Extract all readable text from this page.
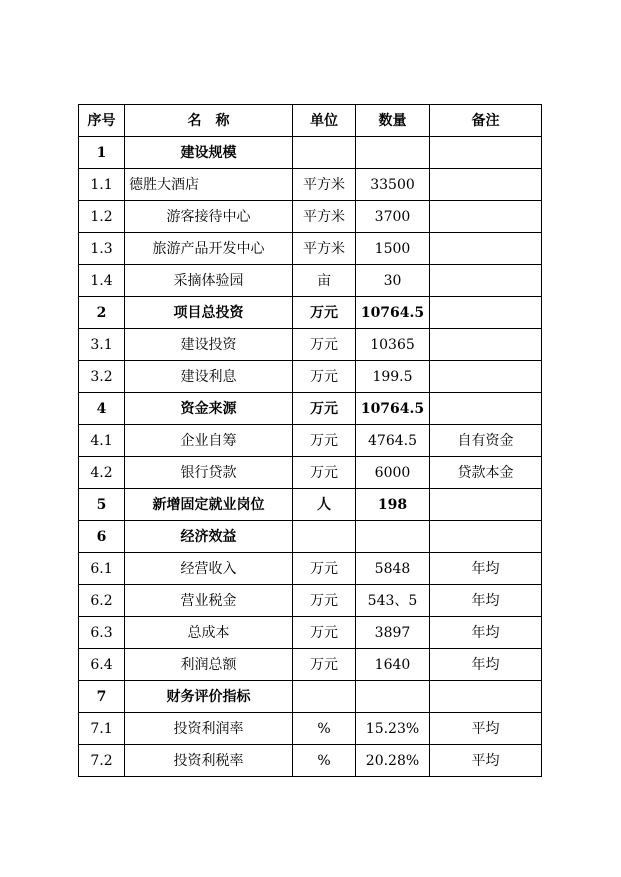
序号	名　称	单位	数量	备注
1	建设规模			
1.1	德胜大酒店	平方米	33500	
1.2	游客接待中心	平方米	3700	
1.3	旅游产品开发中心	平方米	1500	
1.4	采摘体验园	亩	30	
2	项目总投资	万元	10764.5	
3.1	建设投资	万元	10365	
3.2	建设利息	万元	199.5	
4	资金来源	万元	10764.5	
4.1	企业自筹	万元	4764.5	自有资金
4.2	银行贷款	万元	6000	贷款本金
5	新增固定就业岗位	人	198	
6	经济效益			
6.1	经营收入	万元	5848	年均
6.2	营业税金	万元	543、5	年均
6.3	总成本	万元	3897	年均
6.4	利润总额	万元	1640	年均
7	财务评价指标			
7.1	投资利润率	%	15.23%	平均
7.2	投资利税率	%	20.28%	平均
